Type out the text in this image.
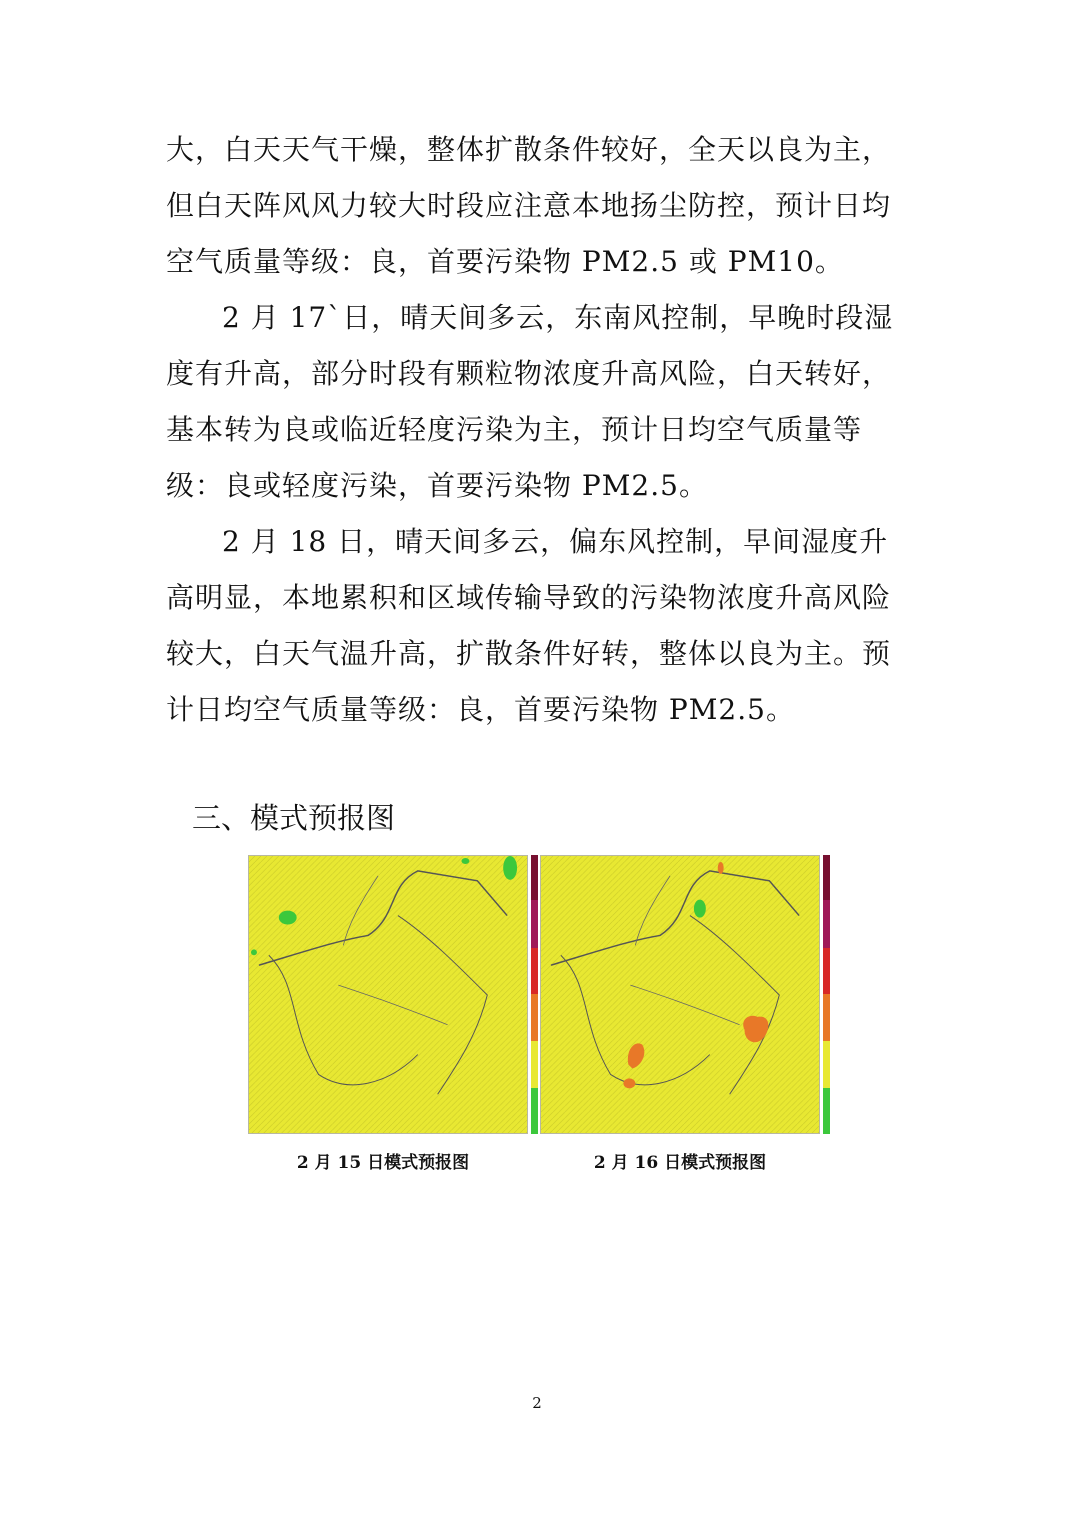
大，白天天气干燥，整体扩散条件较好，全天以良为主，但白天阵风风力较大时段应注意本地扬尘防控，预计日均空气质量等级：良，首要污染物 PM2.5 或 PM10。

2 月 17`日，晴天间多云，东南风控制，早晚时段湿度有升高，部分时段有颗粒物浓度升高风险，白天转好，基本转为良或临近轻度污染为主，预计日均空气质量等级：良或轻度污染，首要污染物 PM2.5。

2 月 18 日，晴天间多云，偏东风控制，早间湿度升高明显，本地累积和区域传输导致的污染物浓度升高风险较大，白天气温升高，扩散条件好转，整体以良为主。预计日均空气质量等级：良，首要污染物 PM2.5。

三、模式预报图
2 月 15 日模式预报图	2 月 16 日模式预报图
2
